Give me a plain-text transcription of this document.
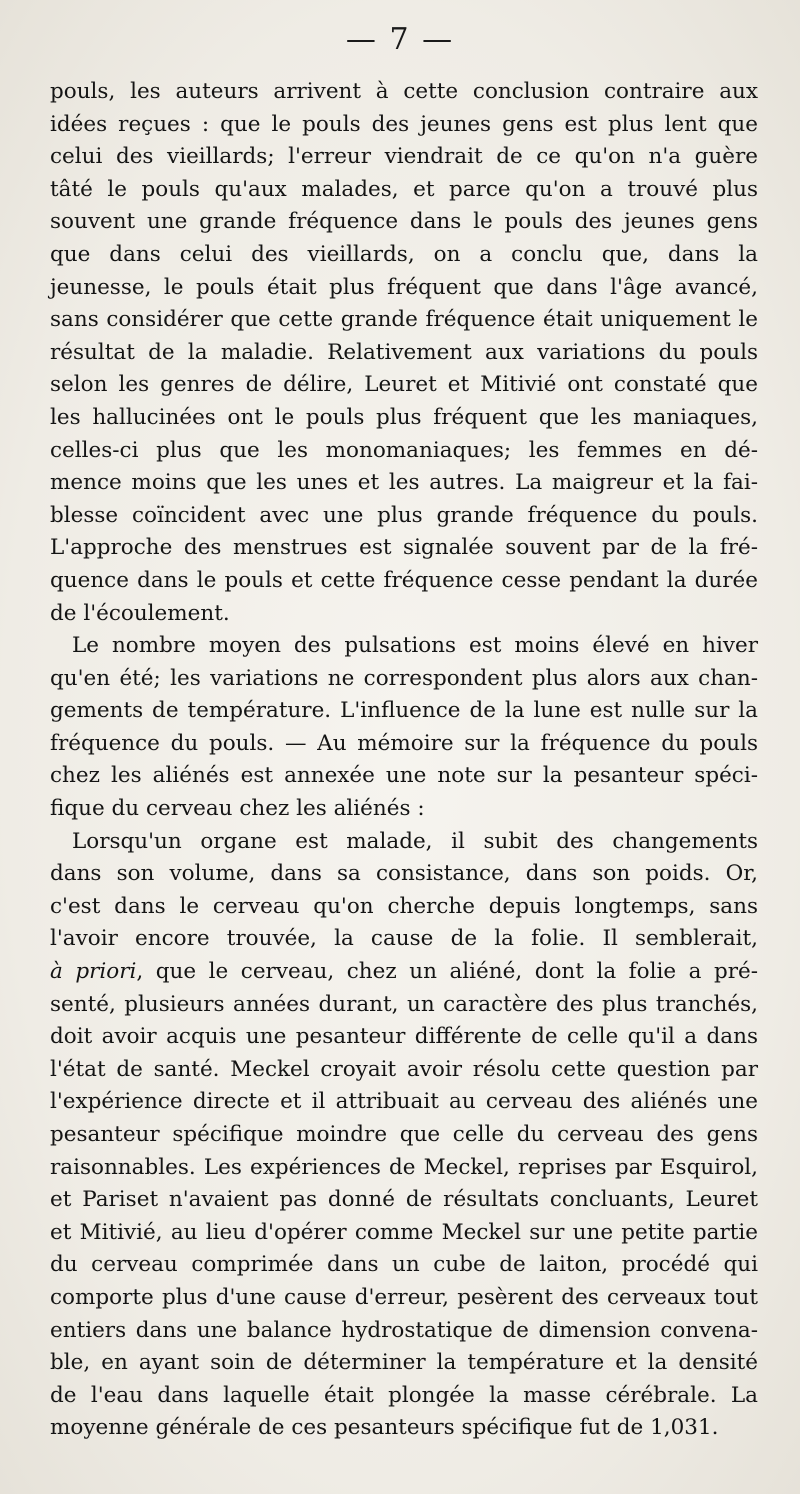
— 7 —
pouls, les auteurs arrivent à cette conclusion contraire aux
idées reçues : que le pouls des jeunes gens est plus lent que
celui des vieillards; l'erreur viendrait de ce qu'on n'a guère
tâté le pouls qu'aux malades, et parce qu'on a trouvé plus
souvent une grande fréquence dans le pouls des jeunes gens
que dans celui des vieillards, on a conclu que, dans la
jeunesse, le pouls était plus fréquent que dans l'âge avancé,
sans considérer que cette grande fréquence était uniquement le
résultat de la maladie. Relativement aux variations du pouls
selon les genres de délire, Leuret et Mitivié ont constaté que
les hallucinées ont le pouls plus fréquent que les maniaques,
celles-ci plus que les monomaniaques; les femmes en dé-
mence moins que les unes et les autres. La maigreur et la fai-
blesse coïncident avec une plus grande fréquence du pouls.
L'approche des menstrues est signalée souvent par de la fré-
quence dans le pouls et cette fréquence cesse pendant la durée
de l'écoulement.
Le nombre moyen des pulsations est moins élevé en hiver
qu'en été; les variations ne correspondent plus alors aux chan-
gements de température. L'influence de la lune est nulle sur la
fréquence du pouls. — Au mémoire sur la fréquence du pouls
chez les aliénés est annexée une note sur la pesanteur spéci-
fique du cerveau chez les aliénés :
Lorsqu'un organe est malade, il subit des changements
dans son volume, dans sa consistance, dans son poids. Or,
c'est dans le cerveau qu'on cherche depuis longtemps, sans
l'avoir encore trouvée, la cause de la folie. Il semblerait,
à priori, que le cerveau, chez un aliéné, dont la folie a pré-
senté, plusieurs années durant, un caractère des plus tranchés,
doit avoir acquis une pesanteur différente de celle qu'il a dans
l'état de santé. Meckel croyait avoir résolu cette question par
l'expérience directe et il attribuait au cerveau des aliénés une
pesanteur spécifique moindre que celle du cerveau des gens
raisonnables. Les expériences de Meckel, reprises par Esquirol,
et Pariset n'avaient pas donné de résultats concluants, Leuret
et Mitivié, au lieu d'opérer comme Meckel sur une petite partie
du cerveau comprimée dans un cube de laiton, procédé qui
comporte plus d'une cause d'erreur, pesèrent des cerveaux tout
entiers dans une balance hydrostatique de dimension convena-
ble, en ayant soin de déterminer la température et la densité
de l'eau dans laquelle était plongée la masse cérébrale. La
moyenne générale de ces pesanteurs spécifique fut de 1,031.
